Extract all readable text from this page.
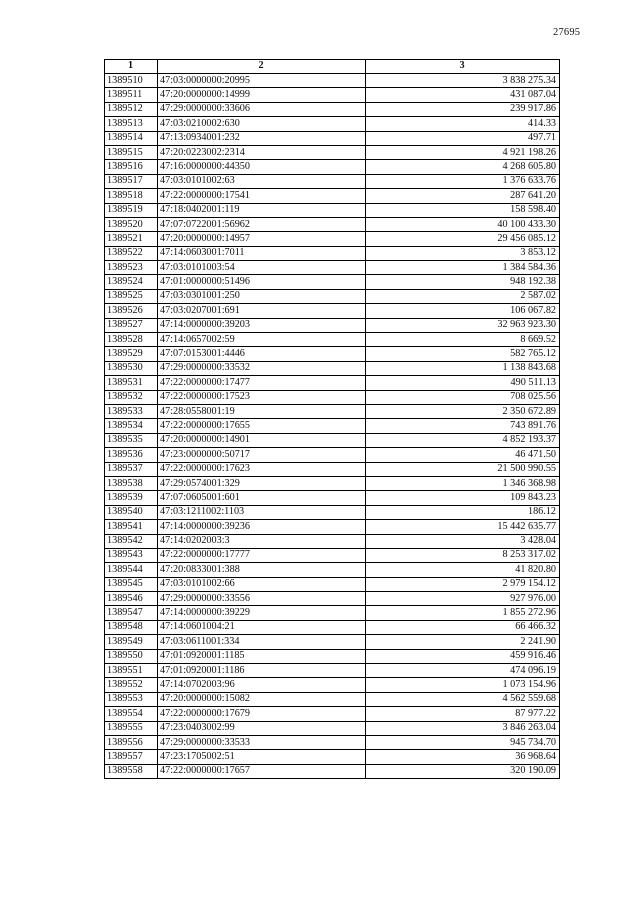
27695
1	2	3
1389510	47:03:0000000:20995	3 838 275.34
1389511	47:20:0000000:14999	431 087.04
1389512	47:29:0000000:33606	239 917.86
1389513	47:03:0210002:630	414.33
1389514	47:13:0934001:232	497.71
1389515	47:20:0223002:2314	4 921 198.26
1389516	47:16:0000000:44350	4 268 605.80
1389517	47:03:0101002:63	1 376 633.76
1389518	47:22:0000000:17541	287 641.20
1389519	47:18:0402001:119	158 598.40
1389520	47:07:0722001:56962	40 100 433.30
1389521	47:20:0000000:14957	29 456 085.12
1389522	47:14:0603001:7011	3 853.12
1389523	47:03:0101003:54	1 384 584.36
1389524	47:01:0000000:51496	948 192.38
1389525	47:03:0301001:250	2 587.02
1389526	47:03:0207001:691	106 067.82
1389527	47:14:0000000:39203	32 963 923.30
1389528	47:14:0657002:59	8 669.52
1389529	47:07:0153001:4446	582 765.12
1389530	47:29:0000000:33532	1 138 843.68
1389531	47:22:0000000:17477	490 511.13
1389532	47:22:0000000:17523	708 025.56
1389533	47:28:0558001:19	2 350 672.89
1389534	47:22:0000000:17655	743 891.76
1389535	47:20:0000000:14901	4 852 193.37
1389536	47:23:0000000:50717	46 471.50
1389537	47:22:0000000:17623	21 500 990.55
1389538	47:29:0574001:329	1 346 368.98
1389539	47:07:0605001:601	109 843.23
1389540	47:03:1211002:1103	186.12
1389541	47:14:0000000:39236	15 442 635.77
1389542	47:14:0202003:3	3 428.04
1389543	47:22:0000000:17777	8 253 317.02
1389544	47:20:0833001:388	41 820.80
1389545	47:03:0101002:66	2 979 154.12
1389546	47:29:0000000:33556	927 976.00
1389547	47:14:0000000:39229	1 855 272.96
1389548	47:14:0601004:21	66 466.32
1389549	47:03:0611001:334	2 241.90
1389550	47:01:0920001:1185	459 916.46
1389551	47:01:0920001:1186	474 096.19
1389552	47:14:0702003:96	1 073 154.96
1389553	47:20:0000000:15082	4 562 559.68
1389554	47:22:0000000:17679	87 977.22
1389555	47:23:0403002:99	3 846 263.04
1389556	47:29:0000000:33533	945 734.70
1389557	47:23:1705002:51	36 968.64
1389558	47:22:0000000:17657	320 190.09
